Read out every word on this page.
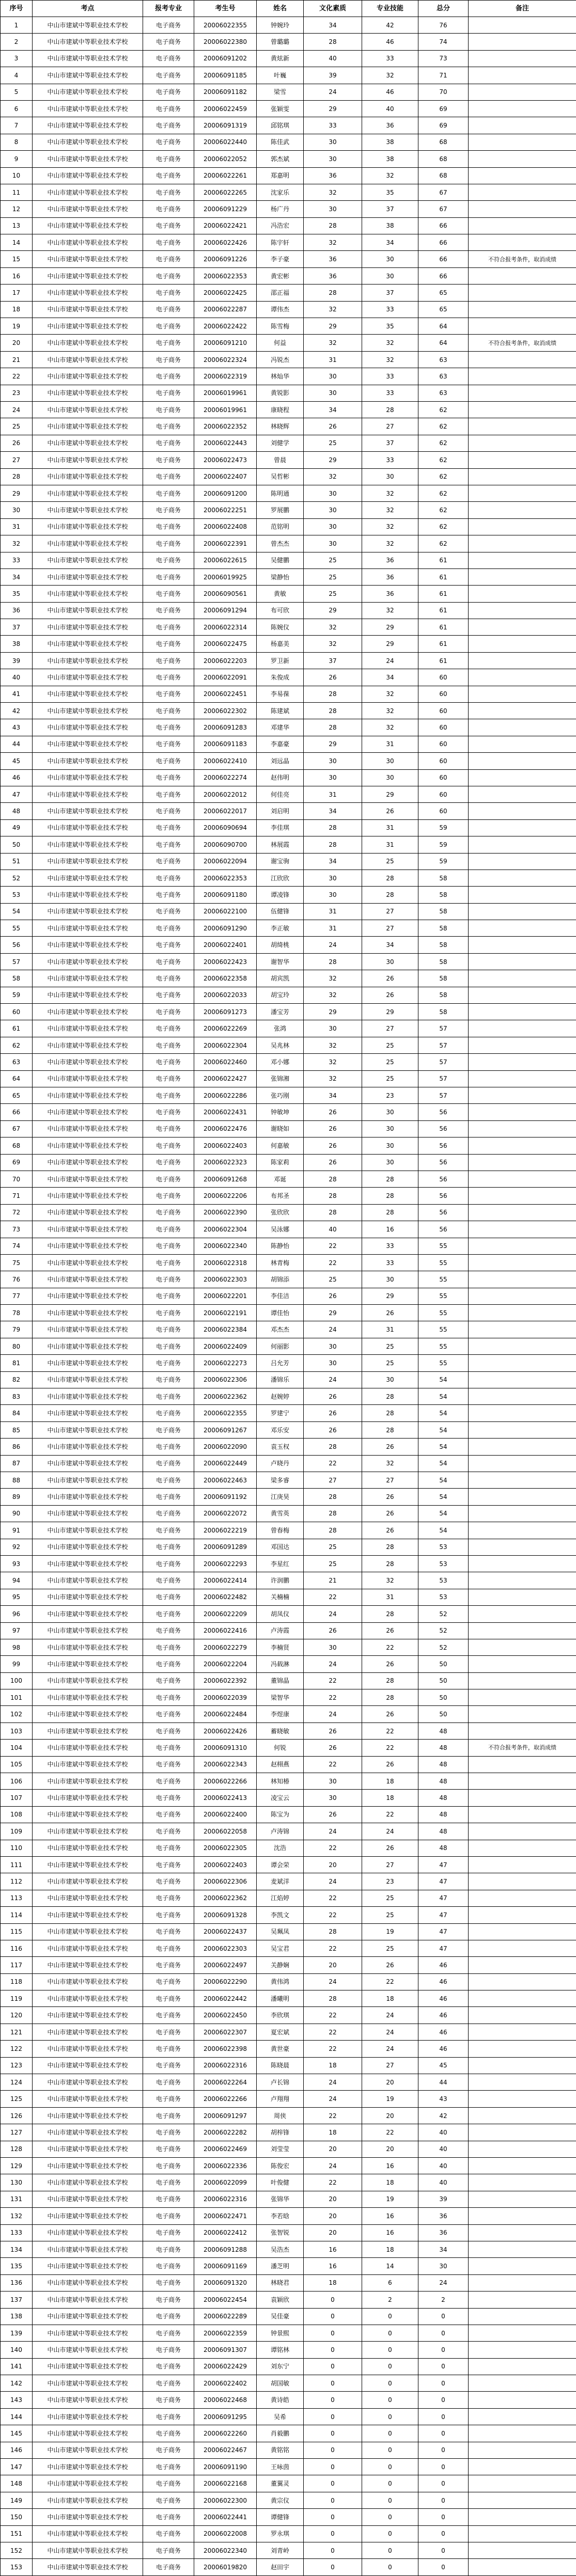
序号	考点	报考专业	考生号	姓名	文化素质	专业技能	总分	备注
1	中山市建斌中等职业技术学校	电子商务	20006022355	钟婉玲	34	42	76	
2	中山市建斌中等职业技术学校	电子商务	20006022380	曾璐璐	28	46	74	
3	中山市建斌中等职业技术学校	电子商务	20006091202	黄炫新	40	33	73	
4	中山市建斌中等职业技术学校	电子商务	20006091185	叶巍	39	32	71	
5	中山市建斌中等职业技术学校	电子商务	20006091182	梁雪	24	46	70	
6	中山市建斌中等职业技术学校	电子商务	20006022459	张颖雯	29	40	69	
7	中山市建斌中等职业技术学校	电子商务	20006091319	邱铭琪	33	36	69	
8	中山市建斌中等职业技术学校	电子商务	20006022440	陈佳武	30	38	68	
9	中山市建斌中等职业技术学校	电子商务	20006022052	郭杰斌	30	38	68	
10	中山市建斌中等职业技术学校	电子商务	20006022261	郑嘉明	36	32	68	
11	中山市建斌中等职业技术学校	电子商务	20006022265	沈家乐	32	35	67	
12	中山市建斌中等职业技术学校	电子商务	20006091229	杨广丹	30	37	67	
13	中山市建斌中等职业技术学校	电子商务	20006022421	冯浩宏	28	38	66	
14	中山市建斌中等职业技术学校	电子商务	20006022426	陈宇轩	32	34	66	
15	中山市建斌中等职业技术学校	电子商务	20006091226	李子豪	36	30	66	不符合报考条件，取消成绩
16	中山市建斌中等职业技术学校	电子商务	20006022353	黄宏彬	36	30	66	
17	中山市建斌中等职业技术学校	电子商务	20006022425	邵正福	28	37	65	
18	中山市建斌中等职业技术学校	电子商务	20006022287	谭伟杰	32	33	65	
19	中山市建斌中等职业技术学校	电子商务	20006022422	陈雪梅	29	35	64	
20	中山市建斌中等职业技术学校	电子商务	20006091210	何益	32	32	64	不符合报考条件，取消成绩
21	中山市建斌中等职业技术学校	电子商务	20006022324	冯锐杰	31	32	63	
22	中山市建斌中等职业技术学校	电子商务	20006022319	林灿华	30	33	63	
23	中山市建斌中等职业技术学校	电子商务	20006019961	黄锐影	30	33	63	
24	中山市建斌中等职业技术学校	电子商务	20006019961	康晓程	34	28	62	
25	中山市建斌中等职业技术学校	电子商务	20006022352	林晓辉	26	27	62	
26	中山市建斌中等职业技术学校	电子商务	20006022443	刘健学	25	37	62	
27	中山市建斌中等职业技术学校	电子商务	20006022473	曾晨	29	33	62	
28	中山市建斌中等职业技术学校	电子商务	20006022407	吴哲彬	32	30	62	
29	中山市建斌中等职业技术学校	电子商务	20006091200	陈明通	30	32	62	
30	中山市建斌中等职业技术学校	电子商务	20006022251	罗展鹏	30	32	62	
31	中山市建斌中等职业技术学校	电子商务	20006022408	范铭明	30	32	62	
32	中山市建斌中等职业技术学校	电子商务	20006022391	曾杰杰	30	32	62	
33	中山市建斌中等职业技术学校	电子商务	20006022615	吴健鹏	25	36	61	
34	中山市建斌中等职业技术学校	电子商务	20006019925	梁静怡	25	36	61	
35	中山市建斌中等职业技术学校	电子商务	20006090561	黄敏	25	36	61	
36	中山市建斌中等职业技术学校	电子商务	20006091294	布可欣	29	32	61	
37	中山市建斌中等职业技术学校	电子商务	20006022314	陈婉仪	32	29	61	
38	中山市建斌中等职业技术学校	电子商务	20006022475	杨嘉美	32	29	61	
39	中山市建斌中等职业技术学校	电子商务	20006022203	罗卫新	37	24	61	
40	中山市建斌中等职业技术学校	电子商务	20006022091	朱俊成	26	34	60	
41	中山市建斌中等职业技术学校	电子商务	20006022451	李易葆	28	32	60	
42	中山市建斌中等职业技术学校	电子商务	20006022302	陈建斌	28	32	60	
43	中山市建斌中等职业技术学校	电子商务	20006091283	邓建华	28	32	60	
44	中山市建斌中等职业技术学校	电子商务	20006091183	李嘉豪	29	31	60	
45	中山市建斌中等职业技术学校	电子商务	20006022410	刘远晶	30	30	60	
46	中山市建斌中等职业技术学校	电子商务	20006022274	赵伟明	30	30	60	
47	中山市建斌中等职业技术学校	电子商务	20006022012	何佳亮	31	29	60	
48	中山市建斌中等职业技术学校	电子商务	20006022017	刘启明	34	26	60	
49	中山市建斌中等职业技术学校	电子商务	20006090694	李佳琪	28	31	59	
50	中山市建斌中等职业技术学校	电子商务	20006090700	林展霞	28	31	59	
51	中山市建斌中等职业技术学校	电子商务	20006022094	谢宝驹	34	25	59	
52	中山市建斌中等职业技术学校	电子商务	20006022353	江欣欣	30	28	58	
53	中山市建斌中等职业技术学校	电子商务	20006091180	谭凌锋	30	28	58	
54	中山市建斌中等职业技术学校	电子商务	20006022100	伍健锋	31	27	58	
55	中山市建斌中等职业技术学校	电子商务	20006091290	李正敏	31	27	58	
56	中山市建斌中等职业技术学校	电子商务	20006022401	胡绮桃	24	34	58	
57	中山市建斌中等职业技术学校	电子商务	20006022423	谢智华	28	30	58	
58	中山市建斌中等职业技术学校	电子商务	20006022358	胡宾凯	32	26	58	
59	中山市建斌中等职业技术学校	电子商务	20006022033	胡宝玲	32	26	58	
60	中山市建斌中等职业技术学校	电子商务	20006091273	潘宝芳	29	29	58	
61	中山市建斌中等职业技术学校	电子商务	20006022269	张鸿	30	27	57	
62	中山市建斌中等职业技术学校	电子商务	20006022304	吴兆林	32	25	57	
63	中山市建斌中等职业技术学校	电子商务	20006022460	邓小娜	32	25	57	
64	中山市建斌中等职业技术学校	电子商务	20006022427	张锦湘	32	25	57	
65	中山市建斌中等职业技术学校	电子商务	20006022286	张巧刚	34	23	57	
66	中山市建斌中等职业技术学校	电子商务	20006022431	钟敏坤	26	30	56	
67	中山市建斌中等职业技术学校	电子商务	20006022476	谢晓如	26	30	56	
68	中山市建斌中等职业技术学校	电子商务	20006022403	何嘉敏	26	30	56	
69	中山市建斌中等职业技术学校	电子商务	20006022323	陈家莉	26	30	56	
70	中山市建斌中等职业技术学校	电子商务	20006091268	邓诞	28	28	56	
71	中山市建斌中等职业技术学校	电子商务	20006022206	布邦圣	28	28	56	
72	中山市建斌中等职业技术学校	电子商务	20006022390	张欣欣	28	28	56	
73	中山市建斌中等职业技术学校	电子商务	20006022304	吴泳娜	40	16	56	
74	中山市建斌中等职业技术学校	电子商务	20006022340	陈静怡	22	33	55	
75	中山市建斌中等职业技术学校	电子商务	20006022318	林青梅	22	33	55	
76	中山市建斌中等职业技术学校	电子商务	20006022303	胡锦添	25	30	55	
77	中山市建斌中等职业技术学校	电子商务	20006022201	李佳洁	26	29	55	
78	中山市建斌中等职业技术学校	电子商务	20006022191	谭佳怡	29	26	55	
79	中山市建斌中等职业技术学校	电子商务	20006022384	邓杰杰	24	31	55	
80	中山市建斌中等职业技术学校	电子商务	20006022409	何丽影	30	25	55	
81	中山市建斌中等职业技术学校	电子商务	20006022273	吕允芳	30	25	55	
82	中山市建斌中等职业技术学校	电子商务	20006022306	潘锦乐	24	30	54	
83	中山市建斌中等职业技术学校	电子商务	20006022362	赵婉婷	26	28	54	
84	中山市建斌中等职业技术学校	电子商务	20006022355	罗建宁	26	28	54	
85	中山市建斌中等职业技术学校	电子商务	20006091267	邓乐安	26	28	54	
86	中山市建斌中等职业技术学校	电子商务	20006022090	袁玉权	28	26	54	
87	中山市建斌中等职业技术学校	电子商务	20006022449	卢晓丹	22	32	54	
88	中山市建斌中等职业技术学校	电子商务	20006022463	梁多睿	27	27	54	
89	中山市建斌中等职业技术学校	电子商务	20006091192	江庚昊	28	26	54	
90	中山市建斌中等职业技术学校	电子商务	20006022072	黄雪英	28	26	54	
91	中山市建斌中等职业技术学校	电子商务	20006022219	曾春梅	28	26	54	
92	中山市建斌中等职业技术学校	电子商务	20006091289	邓国达	25	28	53	
93	中山市建斌中等职业技术学校	电子商务	20006022293	李星红	25	28	53	
94	中山市建斌中等职业技术学校	电子商务	20006022414	许润鹏	21	32	53	
95	中山市建斌中等职业技术学校	电子商务	20006022482	关楠楠	22	31	53	
96	中山市建斌中等职业技术学校	电子商务	20006022209	胡凤仪	24	28	52	
97	中山市建斌中等职业技术学校	电子商务	20006022416	卢涛霞	26	26	52	
98	中山市建斌中等职业技术学校	电子商务	20006022279	李楠贤	30	22	52	
99	中山市建斌中等职业技术学校	电子商务	20006022204	冯载淋	24	26	50	
100	中山市建斌中等职业技术学校	电子商务	20006022392	董锦晶	22	28	50	
101	中山市建斌中等职业技术学校	电子商务	20006022039	梁智华	22	28	50	
102	中山市建斌中等职业技术学校	电子商务	20006022484	李煜康	24	26	50	
103	中山市建斌中等职业技术学校	电子商务	20006022426	蓄晓敏	26	22	48	
104	中山市建斌中等职业技术学校	电子商务	20006091310	何锐	26	22	48	不符合报考条件，取消成绩
105	中山市建斌中等职业技术学校	电子商务	20006022343	赵栩燕	22	26	48	
106	中山市建斌中等职业技术学校	电子商务	20006022266	林知椿	30	18	48	
107	中山市建斌中等职业技术学校	电子商务	20006022413	凌宝云	30	18	48	
108	中山市建斌中等职业技术学校	电子商务	20006022400	陈宝为	26	22	48	
109	中山市建斌中等职业技术学校	电子商务	20006022058	卢涛锦	24	24	48	
110	中山市建斌中等职业技术学校	电子商务	20006022305	沈浩	22	26	48	
111	中山市建斌中等职业技术学校	电子商务	20006022403	谭会荣	20	27	47	
112	中山市建斌中等职业技术学校	电子商务	20006022306	麦斌洋	24	23	47	
113	中山市建斌中等职业技术学校	电子商务	20006022362	江焰婷	22	25	47	
114	中山市建斌中等职业技术学校	电子商务	20006091328	李凯文	22	25	47	
115	中山市建斌中等职业技术学校	电子商务	20006022437	吴珮凤	28	19	47	
116	中山市建斌中等职业技术学校	电子商务	20006022303	吴宝君	22	25	47	
117	中山市建斌中等职业技术学校	电子商务	20006022497	关静娴	20	26	46	
118	中山市建斌中等职业技术学校	电子商务	20006022290	黄伟鸿	24	22	46	
119	中山市建斌中等职业技术学校	电子商务	20006022442	潘曦明	28	18	46	
120	中山市建斌中等职业技术学校	电子商务	20006022450	李欣琪	22	24	46	
121	中山市建斌中等职业技术学校	电子商务	20006022307	夏宏斌	22	24	46	
122	中山市建斌中等职业技术学校	电子商务	20006022398	黄世豪	22	24	46	
123	中山市建斌中等职业技术学校	电子商务	20006022316	陈晓晨	18	27	45	
124	中山市建斌中等职业技术学校	电子商务	20006022264	卢长锦	24	20	44	
125	中山市建斌中等职业技术学校	电子商务	20006022266	卢翔翔	24	19	43	
126	中山市建斌中等职业技术学校	电子商务	20006091297	周侠	22	20	42	
127	中山市建斌中等职业技术学校	电子商务	20006022282	胡梓锋	18	22	40	
128	中山市建斌中等职业技术学校	电子商务	20006022469	刘莹莹	20	20	40	
129	中山市建斌中等职业技术学校	电子商务	20006022336	陈俊宏	24	16	40	
130	中山市建斌中等职业技术学校	电子商务	20006022099	叶俊健	22	18	40	
131	中山市建斌中等职业技术学校	电子商务	20006022316	张锦华	20	19	39	
132	中山市建斌中等职业技术学校	电子商务	20006022471	李若晗	20	16	36	
133	中山市建斌中等职业技术学校	电子商务	20006022412	张智锐	20	16	36	
134	中山市建斌中等职业技术学校	电子商务	20006091288	吴浩杰	16	18	34	
135	中山市建斌中等职业技术学校	电子商务	20006091169	潘芝明	16	14	30	
136	中山市建斌中等职业技术学校	电子商务	20006091320	林晓君	18	6	24	
137	中山市建斌中等职业技术学校	电子商务	20006022454	袁颖欣	0	2	2	
138	中山市建斌中等职业技术学校	电子商务	20006022289	吴佳豪	0	0	0	
139	中山市建斌中等职业技术学校	电子商务	20006022359	钟景熙	0	0	0	
140	中山市建斌中等职业技术学校	电子商务	20006091307	谭铭林	0	0	0	
141	中山市建斌中等职业技术学校	电子商务	20006022429	刘东宁	0	0	0	
142	中山市建斌中等职业技术学校	电子商务	20006022402	胡国敏	0	0	0	
143	中山市建斌中等职业技术学校	电子商务	20006022468	黄诗皓	0	0	0	
144	中山市建斌中等职业技术学校	电子商务	20006091295	吴希	0	0	0	
145	中山市建斌中等职业技术学校	电子商务	20006022260	肖毅鹏	0	0	0	
146	中山市建斌中等职业技术学校	电子商务	20006022467	黄铭铭	0	0	0	
147	中山市建斌中等职业技术学校	电子商务	20006091190	王咏茵	0	0	0	
148	中山市建斌中等职业技术学校	电子商务	20006022168	董翼灵	0	0	0	
149	中山市建斌中等职业技术学校	电子商务	20006022300	黄宗仪	0	0	0	
150	中山市建斌中等职业技术学校	电子商务	20006022441	谭健锋	0	0	0	
151	中山市建斌中等职业技术学校	电子商务	20006022008	罗永琪	0	0	0	
152	中山市建斌中等职业技术学校	电子商务	20006022340	刘青岭	0	0	0	
153	中山市建斌中等职业技术学校	电子商务	20006019820	赵田宇	0	0	0	
